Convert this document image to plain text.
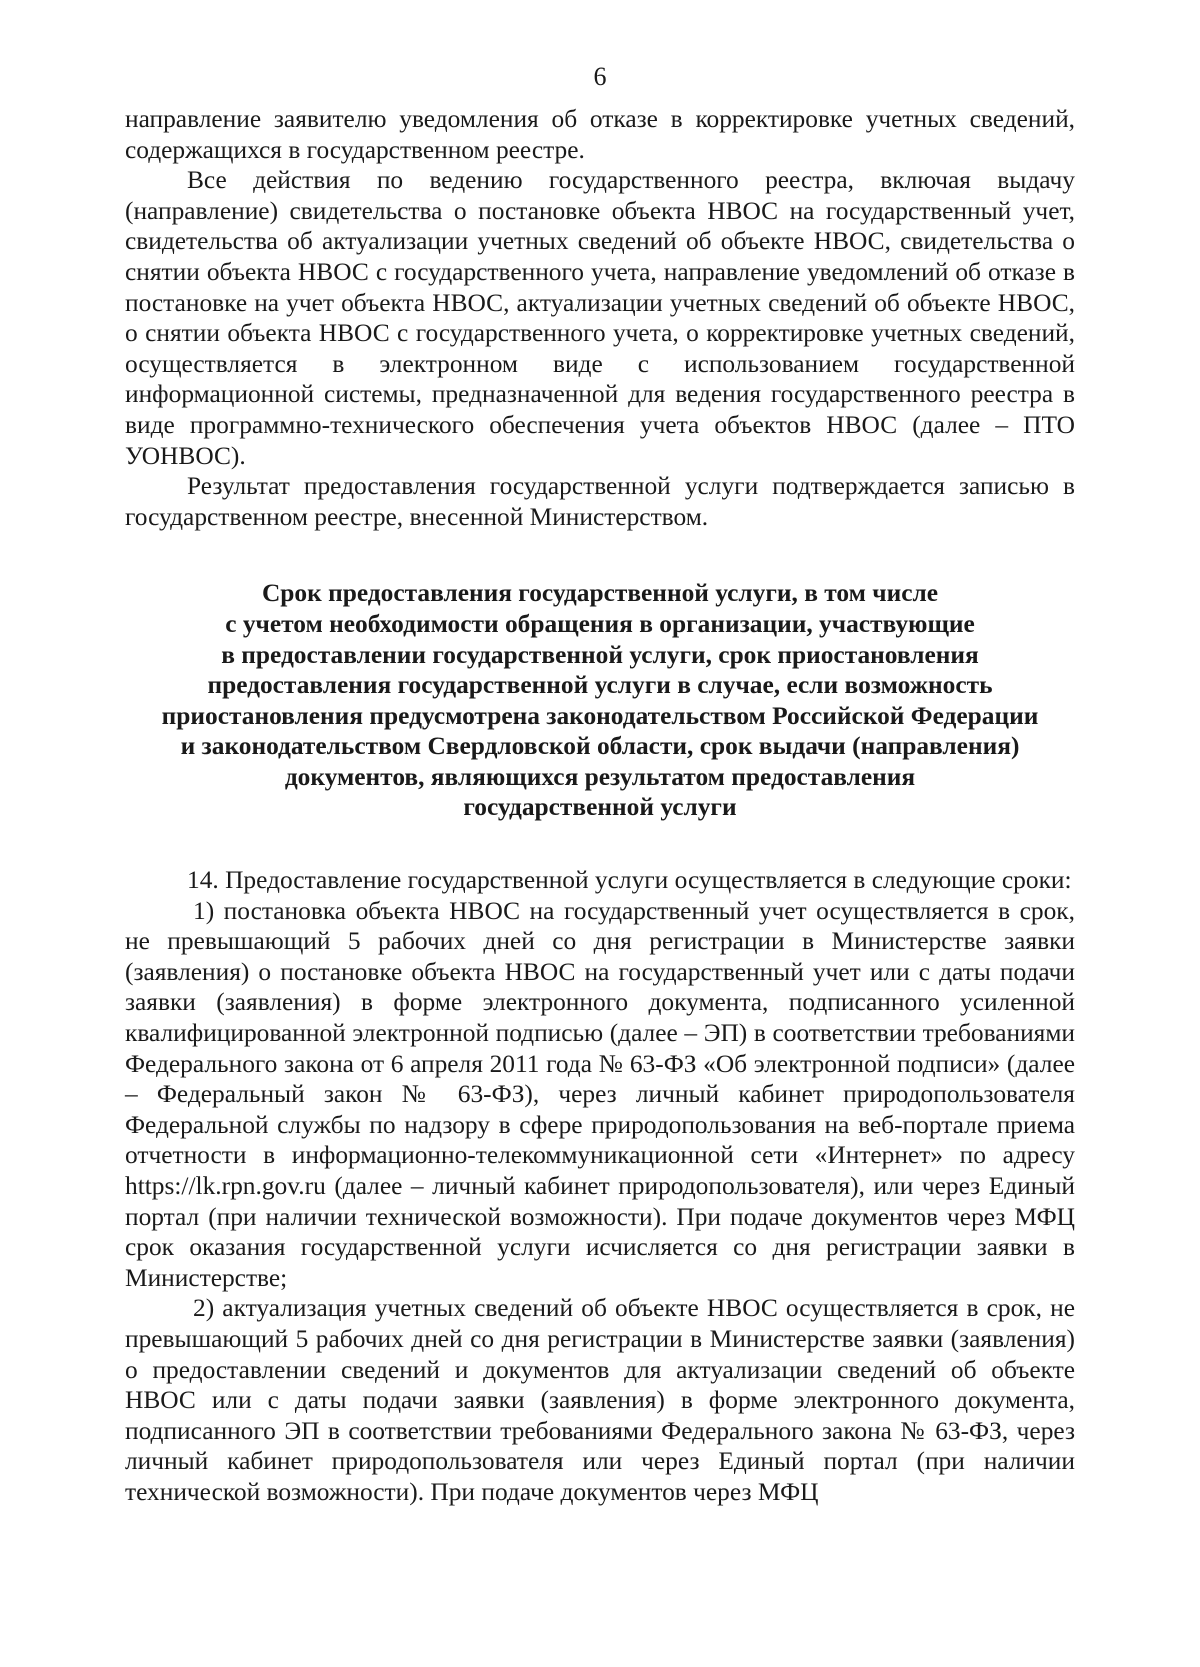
6

направление заявителю уведомления об отказе в корректировке учетных сведений, содержащихся в государственном реестре.

Все действия по ведению государственного реестра, включая выдачу (направление) свидетельства о постановке объекта НВОС на государственный учет, свидетельства об актуализации учетных сведений об объекте НВОС, свидетельства о снятии объекта НВОС с государственного учета, направление уведомлений об отказе в постановке на учет объекта НВОС, актуализации учетных сведений об объекте НВОС, о снятии объекта НВОС с государственного учета, о корректировке учетных сведений, осуществляется в электронном виде с использованием государственной информационной системы, предназначенной для ведения государственного реестра в виде программно-технического обеспечения учета объектов НВОС (далее – ПТО УОНВОС).

Результат предоставления государственной услуги подтверждается записью в государственном реестре, внесенной Министерством.

Срок предоставления государственной услуги, в том числе
с учетом необходимости обращения в организации, участвующие
в предоставлении государственной услуги, срок приостановления
предоставления государственной услуги в случае, если возможность
приостановления предусмотрена законодательством Российской Федерации
и законодательством Свердловской области, срок выдачи (направления)
документов, являющихся результатом предоставления
государственной услуги

14. Предоставление государственной услуги осуществляется в следующие сроки:

1) постановка объекта НВОС на государственный учет осуществляется в срок, не превышающий 5 рабочих дней со дня регистрации в Министерстве заявки (заявления) о постановке объекта НВОС на государственный учет или с даты подачи заявки (заявления) в форме электронного документа, подписанного усиленной квалифицированной электронной подписью (далее – ЭП) в соответствии требованиями Федерального закона от 6 апреля 2011 года № 63-ФЗ «Об электронной подписи» (далее – Федеральный закон № 63-ФЗ), через личный кабинет природопользователя Федеральной службы по надзору в сфере природопользования на веб-портале приема отчетности в информационно-телекоммуникационной сети «Интернет» по адресу https://lk.rpn.gov.ru (далее – личный кабинет природопользователя), или через Единый портал (при наличии технической возможности). При подаче документов через МФЦ срок оказания государственной услуги исчисляется со дня регистрации заявки в Министерстве;

2) актуализация учетных сведений об объекте НВОС осуществляется в срок, не превышающий 5 рабочих дней со дня регистрации в Министерстве заявки (заявления) о предоставлении сведений и документов для актуализации сведений об объекте НВОС или с даты подачи заявки (заявления) в форме электронного документа, подписанного ЭП в соответствии требованиями Федерального закона № 63-ФЗ, через личный кабинет природопользователя или через Единый портал (при наличии технической возможности). При подаче документов через МФЦ
